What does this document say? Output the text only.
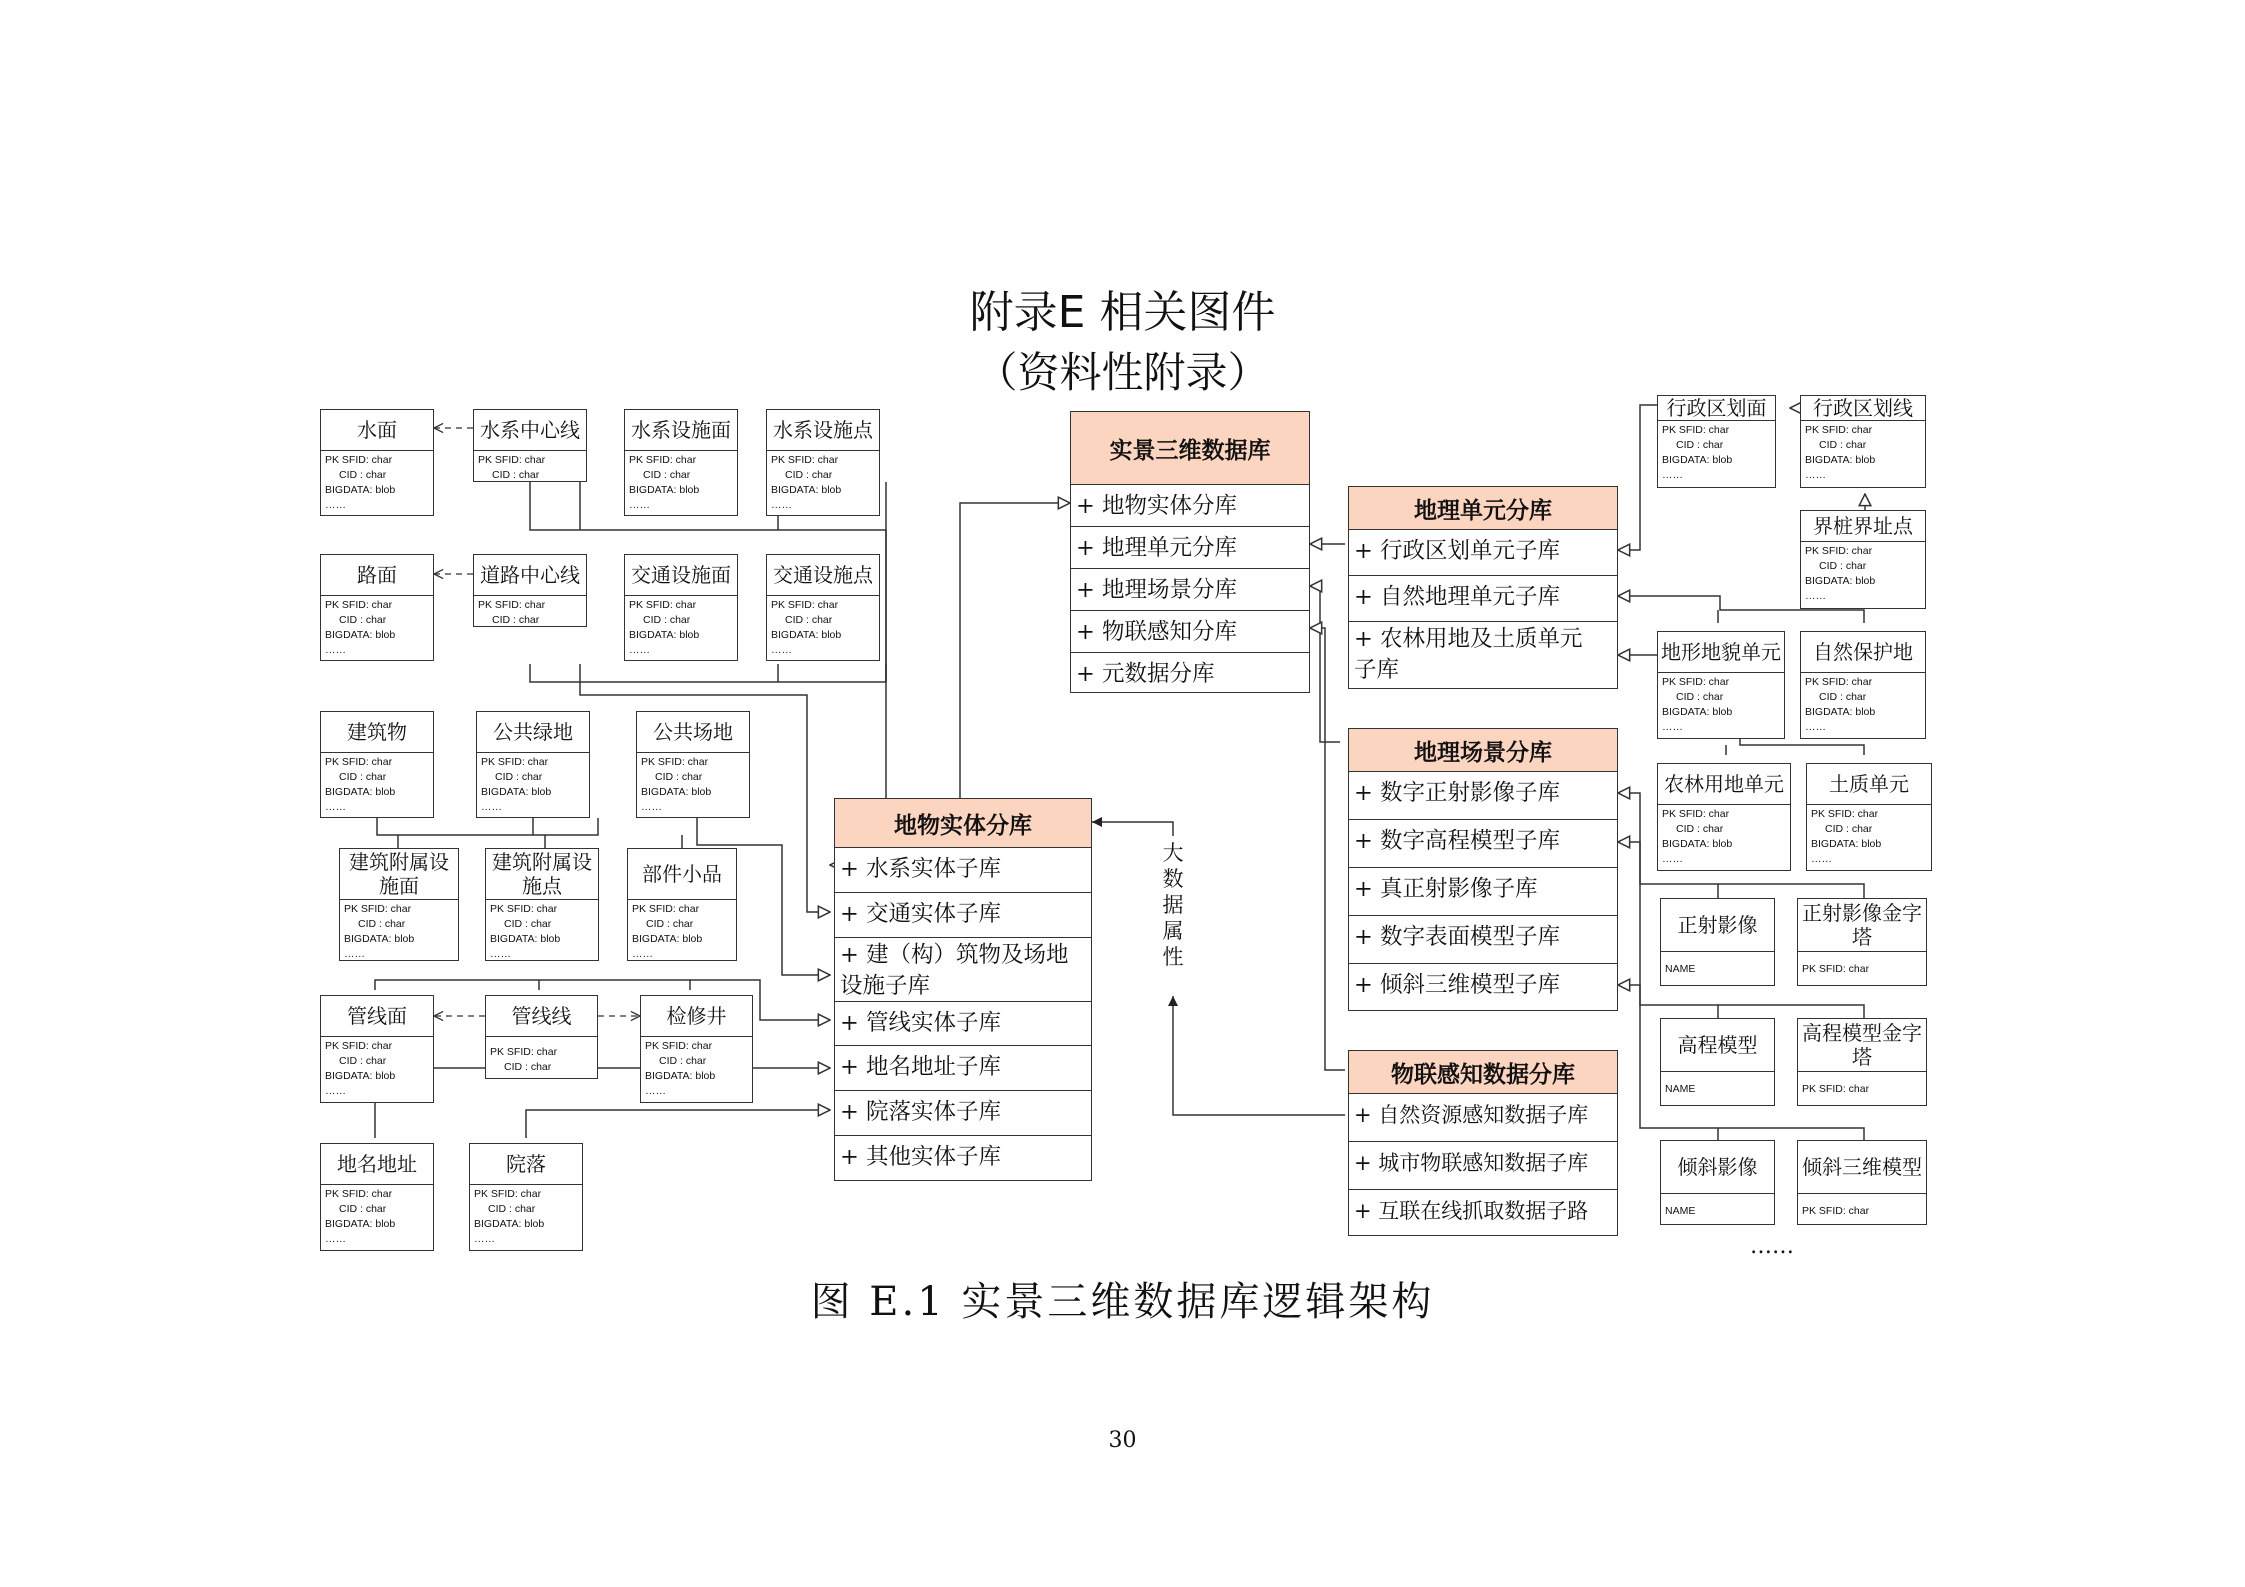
附录E 相关图件
（资料性附录）
水面
PK SFID: char
CID : char
BIGDATA: blob
……
水系中心线
PK SFID: char
CID : char
水系设施面
PK SFID: char
CID : char
BIGDATA: blob
……
水系设施点
PK SFID: char
CID : char
BIGDATA: blob
……
路面
PK SFID: char
CID : char
BIGDATA: blob
……
道路中心线
PK SFID: char
CID : char
交通设施面
PK SFID: char
CID : char
BIGDATA: blob
……
交通设施点
PK SFID: char
CID : char
BIGDATA: blob
……
建筑物
PK SFID: char
CID : char
BIGDATA: blob
……
公共绿地
PK SFID: char
CID : char
BIGDATA: blob
……
公共场地
PK SFID: char
CID : char
BIGDATA: blob
……
建筑附属设施面
PK SFID: char
CID : char
BIGDATA: blob
……
建筑附属设施点
PK SFID: char
CID : char
BIGDATA: blob
……
部件小品
PK SFID: char
CID : char
BIGDATA: blob
……
管线面
PK SFID: char
CID : char
BIGDATA: blob
……
管线线
PK SFID: char
CID : char
检修井
PK SFID: char
CID : char
BIGDATA: blob
……
地名地址
PK SFID: char
CID : char
BIGDATA: blob
……
院落
PK SFID: char
CID : char
BIGDATA: blob
……
实景三维数据库
+ 地物实体分库
+ 地理单元分库
+ 地理场景分库
+ 物联感知分库
+ 元数据分库
地物实体分库
+ 水系实体子库
+ 交通实体子库
+ 建（构）筑物及场地设施子库
+ 管线实体子库
+ 地名地址子库
+ 院落实体子库
+ 其他实体子库
大数据属性
地理单元分库
+ 行政区划单元子库
+ 自然地理单元子库
+ 农林用地及土质单元子库
地理场景分库
+ 数字正射影像子库
+ 数字高程模型子库
+ 真正射影像子库
+ 数字表面模型子库
+ 倾斜三维模型子库
物联感知数据分库
+ 自然资源感知数据子库
+ 城市物联感知数据子库
+ 互联在线抓取数据子路
行政区划面
PK SFID: char
CID : char
BIGDATA: blob
……
行政区划线
PK SFID: char
CID : char
BIGDATA: blob
……
界桩界址点
PK SFID: char
CID : char
BIGDATA: blob
……
地形地貌单元
PK SFID: char
CID : char
BIGDATA: blob
……
自然保护地
PK SFID: char
CID : char
BIGDATA: blob
……
农林用地单元
PK SFID: char
CID : char
BIGDATA: blob
……
土质单元
PK SFID: char
CID : char
BIGDATA: blob
……
正射影像
NAME
正射影像金字塔
PK SFID: char
高程模型
NAME
高程模型金字塔
PK SFID: char
倾斜影像
NAME
倾斜三维模型
PK SFID: char
……
图 E.1 实景三维数据库逻辑架构
30
